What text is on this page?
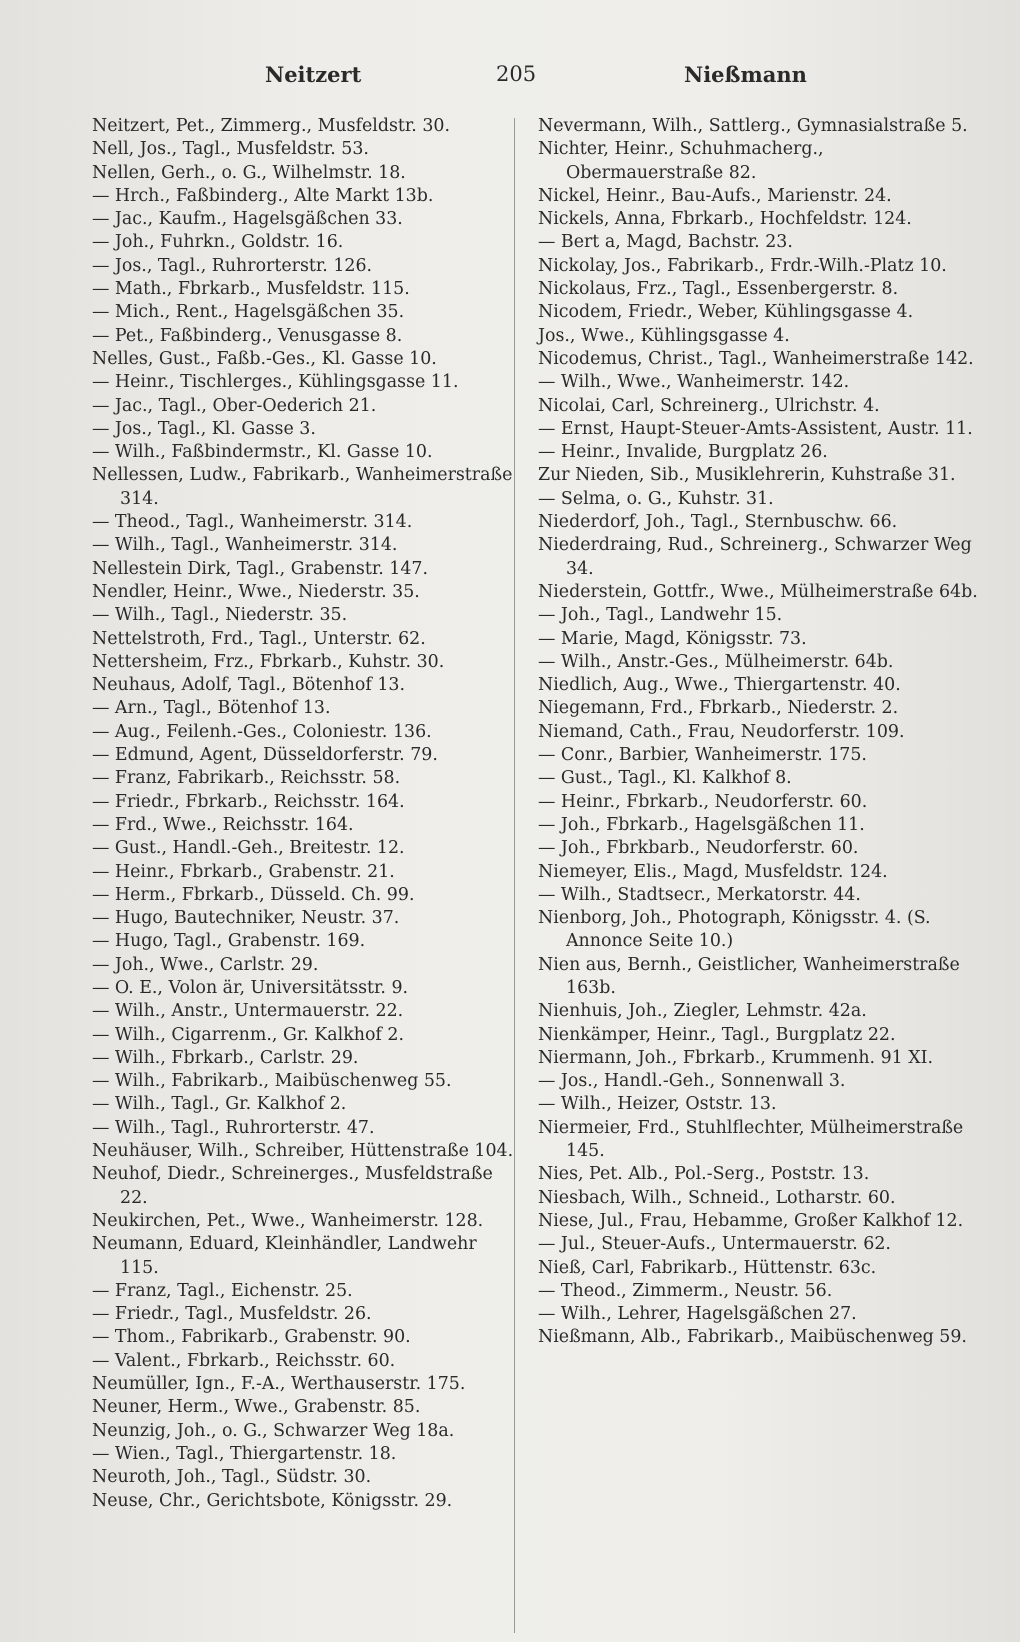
Neitzert	205	Nießmann
Neitzert, Pet., Zimmerg., Musfeldstr. 30.
Nell, Jos., Tagl., Musfeldstr. 53.
Nellen, Gerh., o. G., Wilhelmstr. 18.
— Hrch., Faßbinderg., Alte Markt 13b.
— Jac., Kaufm., Hagelsgäßchen 33.
— Joh., Fuhrkn., Goldstr. 16.
— Jos., Tagl., Ruhrorterstr. 126.
— Math., Fbrkarb., Musfeldstr. 115.
— Mich., Rent., Hagelsgäßchen 35.
— Pet., Faßbinderg., Venusgasse 8.
Nelles, Gust., Faßb.-Ges., Kl. Gasse 10.
— Heinr., Tischlerges., Kühlingsgasse 11.
— Jac., Tagl., Ober-Oederich 21.
— Jos., Tagl., Kl. Gasse 3.
— Wilh., Faßbindermstr., Kl. Gasse 10.
Nellessen, Ludw., Fabrikarb., Wanheimerstraße 314.
— Theod., Tagl., Wanheimerstr. 314.
— Wilh., Tagl., Wanheimerstr. 314.
Nellestein Dirk, Tagl., Grabenstr. 147.
Nendler, Heinr., Wwe., Niederstr. 35.
— Wilh., Tagl., Niederstr. 35.
Nettelstroth, Frd., Tagl., Unterstr. 62.
Nettersheim, Frz., Fbrkarb., Kuhstr. 30.
Neuhaus, Adolf, Tagl., Bötenhof 13.
— Arn., Tagl., Bötenhof 13.
— Aug., Feilenh.-Ges., Coloniestr. 136.
— Edmund, Agent, Düsseldorferstr. 79.
— Franz, Fabrikarb., Reichsstr. 58.
— Friedr., Fbrkarb., Reichsstr. 164.
— Frd., Wwe., Reichsstr. 164.
— Gust., Handl.-Geh., Breitestr. 12.
— Heinr., Fbrkarb., Grabenstr. 21.
— Herm., Fbrkarb., Düsseld. Ch. 99.
— Hugo, Bautechniker, Neustr. 37.
— Hugo, Tagl., Grabenstr. 169.
— Joh., Wwe., Carlstr. 29.
— O. E., Volon är, Universitätsstr. 9.
— Wilh., Anstr., Untermauerstr. 22.
— Wilh., Cigarrenm., Gr. Kalkhof 2.
— Wilh., Fbrkarb., Carlstr. 29.
— Wilh., Fabrikarb., Maibüschenweg 55.
— Wilh., Tagl., Gr. Kalkhof 2.
— Wilh., Tagl., Ruhrorterstr. 47.
Neuhäuser, Wilh., Schreiber, Hüttenstraße 104.
Neuhof, Diedr., Schreinerges., Musfeldstraße 22.
Neukirchen, Pet., Wwe., Wanheimerstr. 128.
Neumann, Eduard, Kleinhändler, Landwehr 115.
— Franz, Tagl., Eichenstr. 25.
— Friedr., Tagl., Musfeldstr. 26.
— Thom., Fabrikarb., Grabenstr. 90.
— Valent., Fbrkarb., Reichsstr. 60.
Neumüller, Ign., F.-A., Werthauserstr. 175.
Neuner, Herm., Wwe., Grabenstr. 85.
Neunzig, Joh., o. G., Schwarzer Weg 18a.
— Wien., Tagl., Thiergartenstr. 18.
Neuroth, Joh., Tagl., Südstr. 30.
Neuse, Chr., Gerichtsbote, Königsstr. 29.
Nevermann, Wilh., Sattlerg., Gymnasialstraße 5.
Nichter, Heinr., Schuhmacherg., Obermauerstraße 82.
Nickel, Heinr., Bau-Aufs., Marienstr. 24.
Nickels, Anna, Fbrkarb., Hochfeldstr. 124.
— Bert a, Magd, Bachstr. 23.
Nickolay, Jos., Fabrikarb., Frdr.-Wilh.-Platz 10.
Nickolaus, Frz., Tagl., Essenbergerstr. 8.
Nicodem, Friedr., Weber, Kühlingsgasse 4.
Jos., Wwe., Kühlingsgasse 4.
Nicodemus, Christ., Tagl., Wanheimerstraße 142.
— Wilh., Wwe., Wanheimerstr. 142.
Nicolai, Carl, Schreinerg., Ulrichstr. 4.
— Ernst, Haupt-Steuer-Amts-Assistent, Austr. 11.
— Heinr., Invalide, Burgplatz 26.
Zur Nieden, Sib., Musiklehrerin, Kuhstraße 31.
— Selma, o. G., Kuhstr. 31.
Niederdorf, Joh., Tagl., Sternbuschw. 66.
Niederdraing, Rud., Schreinerg., Schwarzer Weg 34.
Niederstein, Gottfr., Wwe., Mülheimerstraße 64b.
— Joh., Tagl., Landwehr 15.
— Marie, Magd, Königsstr. 73.
— Wilh., Anstr.-Ges., Mülheimerstr. 64b.
Niedlich, Aug., Wwe., Thiergartenstr. 40.
Niegemann, Frd., Fbrkarb., Niederstr. 2.
Niemand, Cath., Frau, Neudorferstr. 109.
— Conr., Barbier, Wanheimerstr. 175.
— Gust., Tagl., Kl. Kalkhof 8.
— Heinr., Fbrkarb., Neudorferstr. 60.
— Joh., Fbrkarb., Hagelsgäßchen 11.
— Joh., Fbrkbarb., Neudorferstr. 60.
Niemeyer, Elis., Magd, Musfeldstr. 124.
— Wilh., Stadtsecr., Merkatorstr. 44.
Nienborg, Joh., Photograph, Königsstr. 4. (S. Annonce Seite 10.)
Nien aus, Bernh., Geistlicher, Wanheimerstraße 163b.
Nienhuis, Joh., Ziegler, Lehmstr. 42a.
Nienkämper, Heinr., Tagl., Burgplatz 22.
Niermann, Joh., Fbrkarb., Krummenh. 91 XI.
— Jos., Handl.-Geh., Sonnenwall 3.
— Wilh., Heizer, Oststr. 13.
Niermeier, Frd., Stuhlflechter, Mülheimerstraße 145.
Nies, Pet. Alb., Pol.-Serg., Poststr. 13.
Niesbach, Wilh., Schneid., Lotharstr. 60.
Niese, Jul., Frau, Hebamme, Großer Kalkhof 12.
— Jul., Steuer-Aufs., Untermauerstr. 62.
Nieß, Carl, Fabrikarb., Hüttenstr. 63c.
— Theod., Zimmerm., Neustr. 56.
— Wilh., Lehrer, Hagelsgäßchen 27.
Nießmann, Alb., Fabrikarb., Maibüschenweg 59.
